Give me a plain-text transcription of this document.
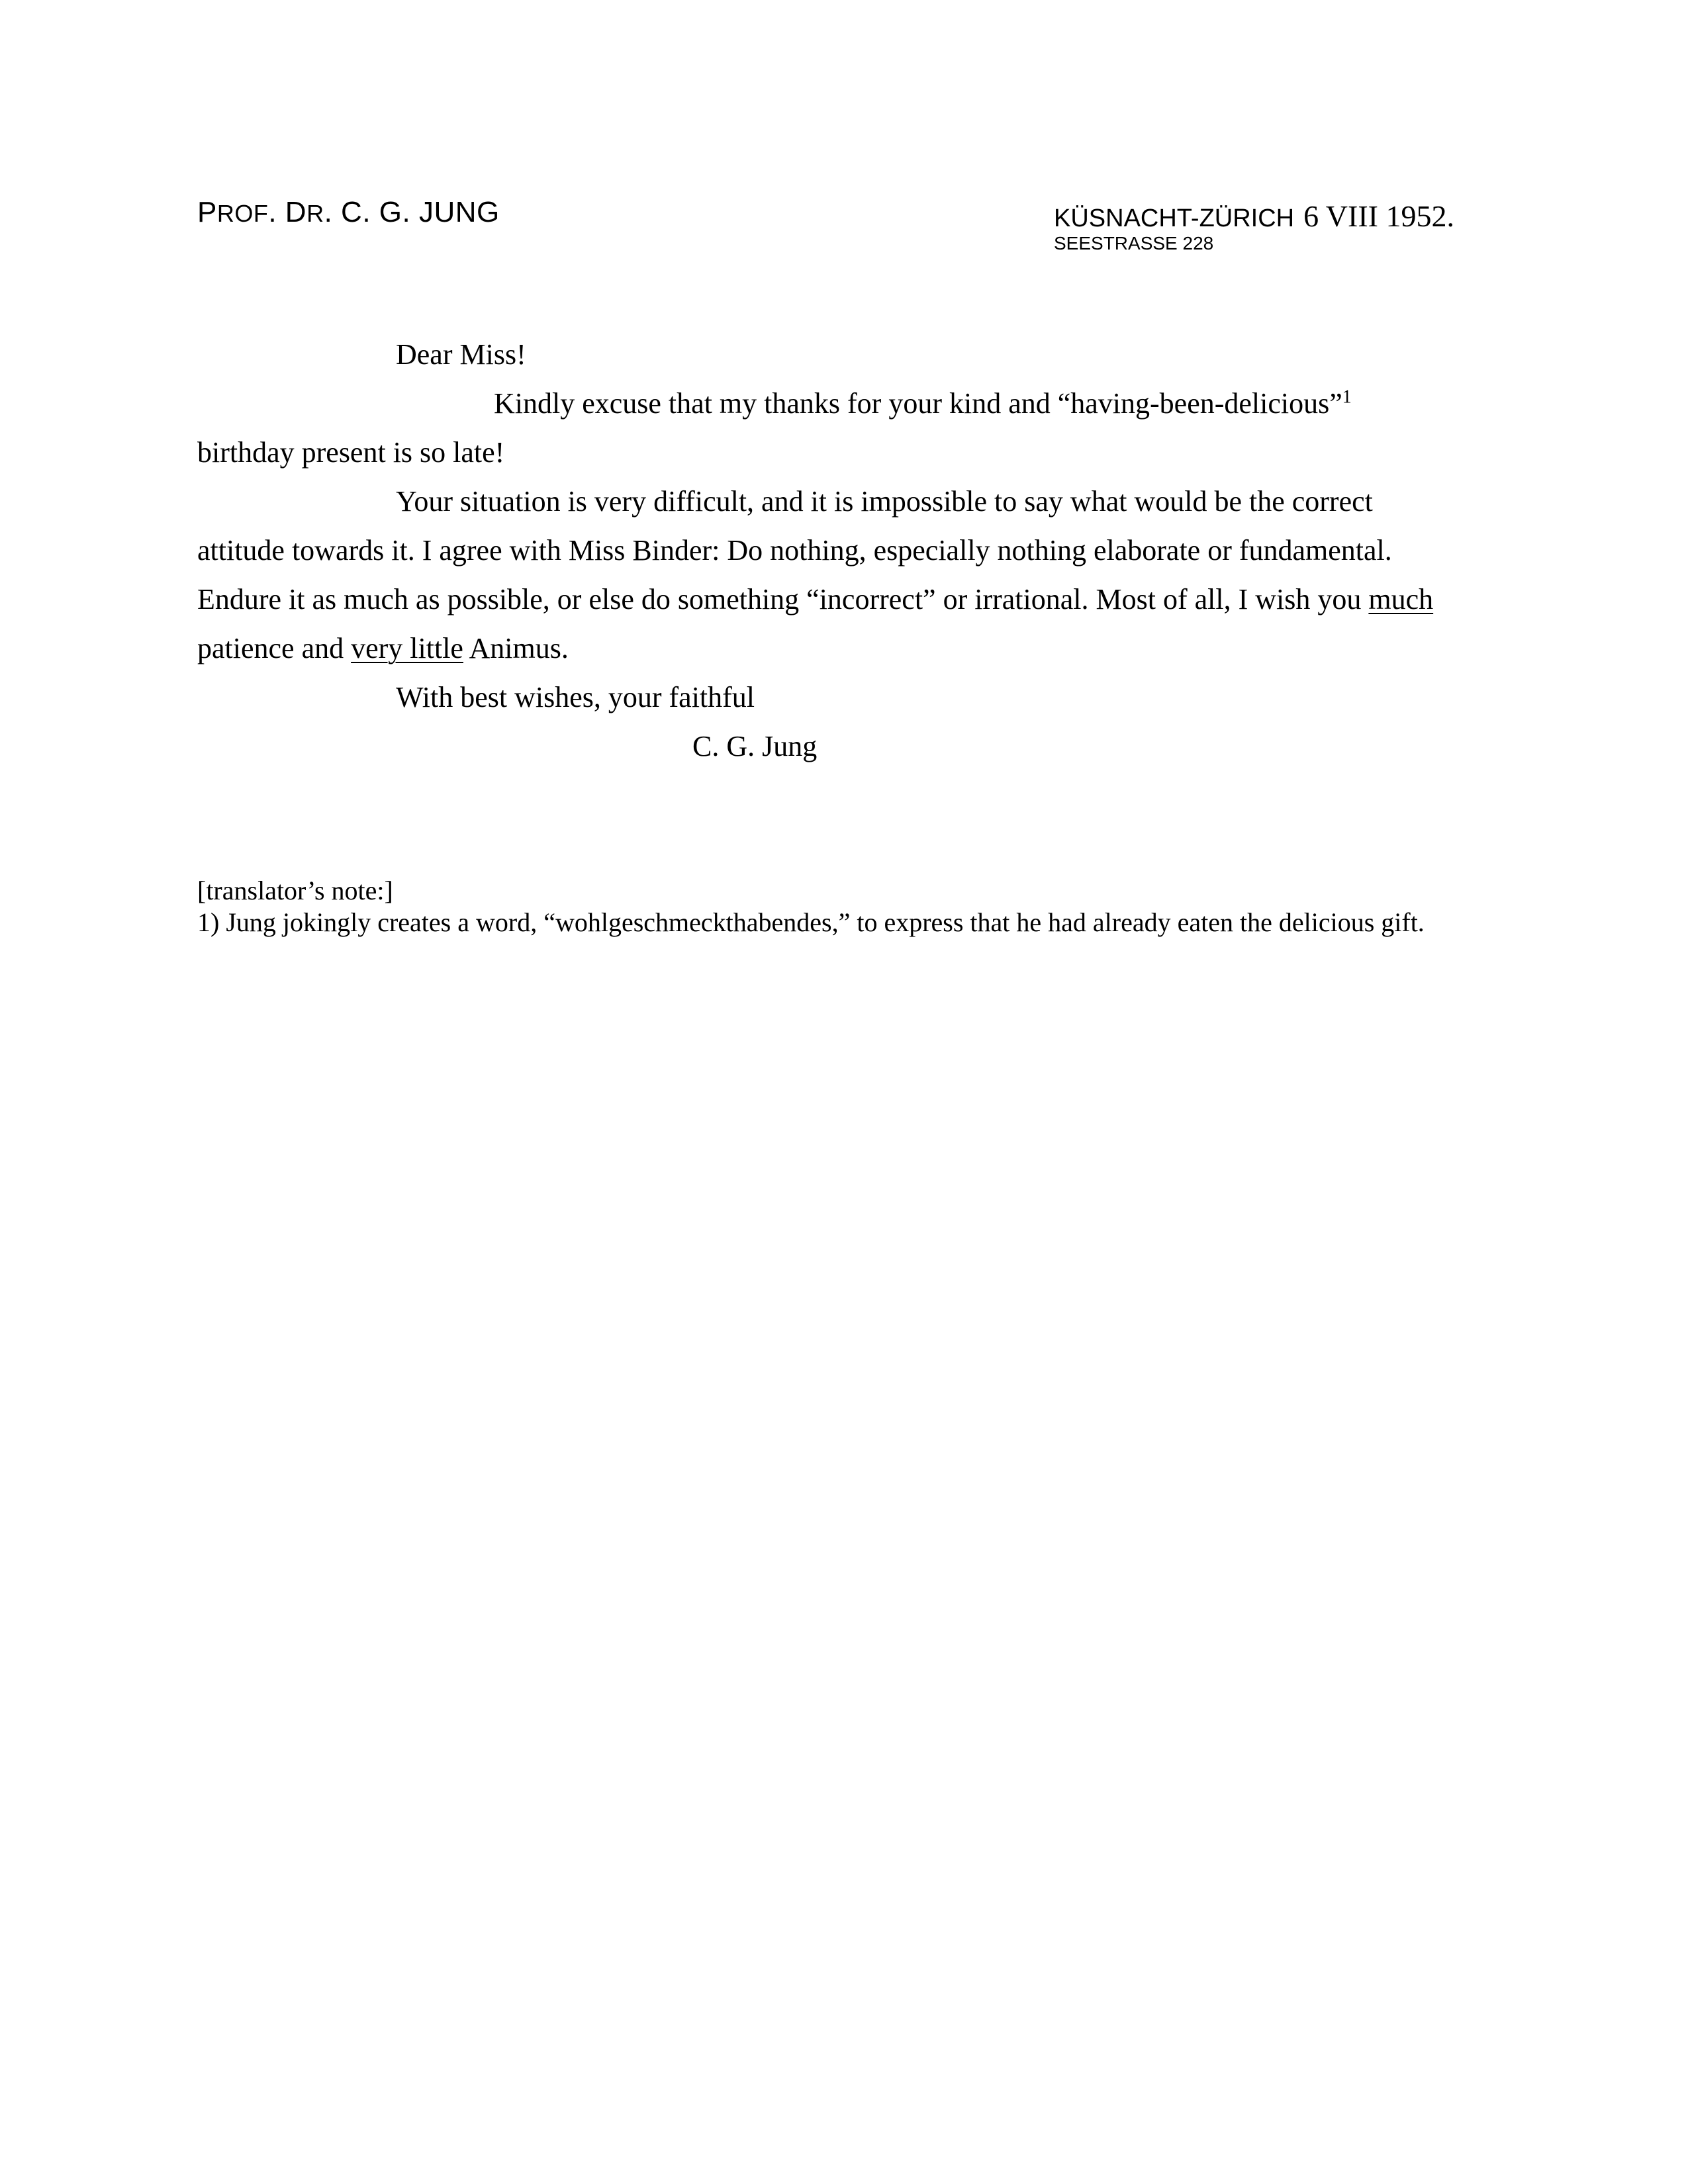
PROF. DR. C. G. JUNG	KÜSNACHT-ZÜRICH 6 VIII 1952.
SEESTRASSE 228
Dear Miss!
Kindly excuse that my thanks for your kind and “having-been-delicious”$^1$
birthday present is so late!
Your situation is very difficult, and it is impossible to say what would be the correct
attitude towards it. I agree with Miss Binder: Do nothing, especially nothing elaborate or fundamental.
Endure it as much as possible, or else do something “incorrect” or irrational. Most of all, I wish you much
patience and very little Animus.
With best wishes, your faithful
C. G. Jung
[translator’s note:]
1) Jung jokingly creates a word, “wohlgeschmeckthabendes,” to express that he had already eaten the delicious gift.
